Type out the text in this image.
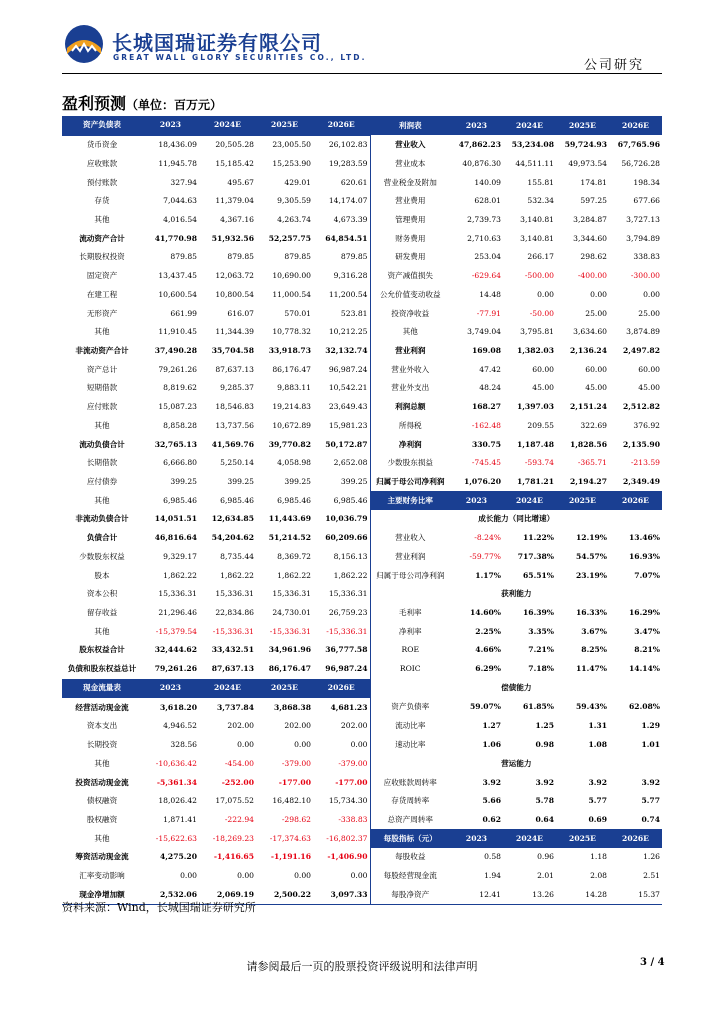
长城国瑞证券有限公司
GREAT WALL GLORY SECURITIES CO., LTD.
公司研究
盈利预测（单位：百万元）
资产负债表	2023	2024E	2025E	2026E	利润表	2023	2024E	2025E	2026E
货币资金	18,436.09	20,505.28	23,005.50	26,102.83	营业收入	47,862.23	53,234.08	59,724.93	67,765.96
应收账款	11,945.78	15,185.42	15,253.90	19,283.59	营业成本	40,876.30	44,511.11	49,973.54	56,726.28
预付账款	327.94	495.67	429.01	620.61	营业税金及附加	140.09	155.81	174.81	198.34
存货	7,044.63	11,379.04	9,305.59	14,174.07	营业费用	628.01	532.34	597.25	677.66
其他	4,016.54	4,367.16	4,263.74	4,673.39	管理费用	2,739.73	3,140.81	3,284.87	3,727.13
流动资产合计	41,770.98	51,932.56	52,257.75	64,854.51	财务费用	2,710.63	3,140.81	3,344.60	3,794.89
长期股权投资	879.85	879.85	879.85	879.85	研发费用	253.04	266.17	298.62	338.83
固定资产	13,437.45	12,063.72	10,690.00	9,316.28	资产减值损失	-629.64	-500.00	-400.00	-300.00
在建工程	10,600.54	10,800.54	11,000.54	11,200.54	公允价值变动收益	14.48	0.00	0.00	0.00
无形资产	661.99	616.07	570.01	523.81	投资净收益	-77.91	-50.00	25.00	25.00
其他	11,910.45	11,344.39	10,778.32	10,212.25	其他	3,749.04	3,795.81	3,634.60	3,874.89
非流动资产合计	37,490.28	35,704.58	33,918.73	32,132.74	营业利润	169.08	1,382.03	2,136.24	2,497.82
资产总计	79,261.26	87,637.13	86,176.47	96,987.24	营业外收入	47.42	60.00	60.00	60.00
短期借款	8,819.62	9,285.37	9,883.11	10,542.21	营业外支出	48.24	45.00	45.00	45.00
应付账款	15,087.23	18,546.83	19,214.83	23,649.43	利润总额	168.27	1,397.03	2,151.24	2,512.82
其他	8,858.28	13,737.56	10,672.89	15,981.23	所得税	-162.48	209.55	322.69	376.92
流动负债合计	32,765.13	41,569.76	39,770.82	50,172.87	净利润	330.75	1,187.48	1,828.56	2,135.90
长期借款	6,666.80	5,250.14	4,058.98	2,652.08	少数股东损益	-745.45	-593.74	-365.71	-213.59
应付债券	399.25	399.25	399.25	399.25	归属于母公司净利润	1,076.20	1,781.21	2,194.27	2,349.49
其他	6,985.46	6,985.46	6,985.46	6,985.46	主要财务比率	2023	2024E	2025E	2026E
非流动负债合计	14,051.51	12,634.85	11,443.69	10,036.79	成长能力（同比增速）				
负债合计	46,816.64	54,204.62	51,214.52	60,209.66	营业收入	-8.24%	11.22%	12.19%	13.46%
少数股东权益	9,329.17	8,735.44	8,369.72	8,156.13	营业利润	-59.77%	717.38%	54.57%	16.93%
股本	1,862.22	1,862.22	1,862.22	1,862.22	归属于母公司净利润	1.17%	65.51%	23.19%	7.07%
资本公积	15,336.31	15,336.31	15,336.31	15,336.31	获利能力				
留存收益	21,296.46	22,834.86	24,730.01	26,759.23	毛利率	14.60%	16.39%	16.33%	16.29%
其他	-15,379.54	-15,336.31	-15,336.31	-15,336.31	净利率	2.25%	3.35%	3.67%	3.47%
股东权益合计	32,444.62	33,432.51	34,961.96	36,777.58	ROE	4.66%	7.21%	8.25%	8.21%
负债和股东权益总计	79,261.26	87,637.13	86,176.47	96,987.24	ROIC	6.29%	7.18%	11.47%	14.14%
现金流量表	2023	2024E	2025E	2026E	偿债能力				
经营活动现金流	3,618.20	3,737.84	3,868.38	4,681.23	资产负债率	59.07%	61.85%	59.43%	62.08%
资本支出	4,946.52	202.00	202.00	202.00	流动比率	1.27	1.25	1.31	1.29
长期投资	328.56	0.00	0.00	0.00	速动比率	1.06	0.98	1.08	1.01
其他	-10,636.42	-454.00	-379.00	-379.00	营运能力				
投资活动现金流	-5,361.34	-252.00	-177.00	-177.00	应收账款周转率	3.92	3.92	3.92	3.92
债权融资	18,026.42	17,075.52	16,482.10	15,734.30	存货周转率	5.66	5.78	5.77	5.77
股权融资	1,871.41	-222.94	-298.62	-338.83	总资产周转率	0.62	0.64	0.69	0.74
其他	-15,622.63	-18,269.23	-17,374.63	-16,802.37	每股指标（元）	2023	2024E	2025E	2026E
筹资活动现金流	4,275.20	-1,416.65	-1,191.16	-1,406.90	每股收益	0.58	0.96	1.18	1.26
汇率变动影响	0.00	0.00	0.00	0.00	每股经营现金流	1.94	2.01	2.08	2.51
现金净增加额	2,532.06	2,069.19	2,500.22	3,097.33	每股净资产	12.41	13.26	14.28	15.37
资料来源：Wind，长城国瑞证券研究所
请参阅最后一页的股票投资评级说明和法律声明	3 / 4
